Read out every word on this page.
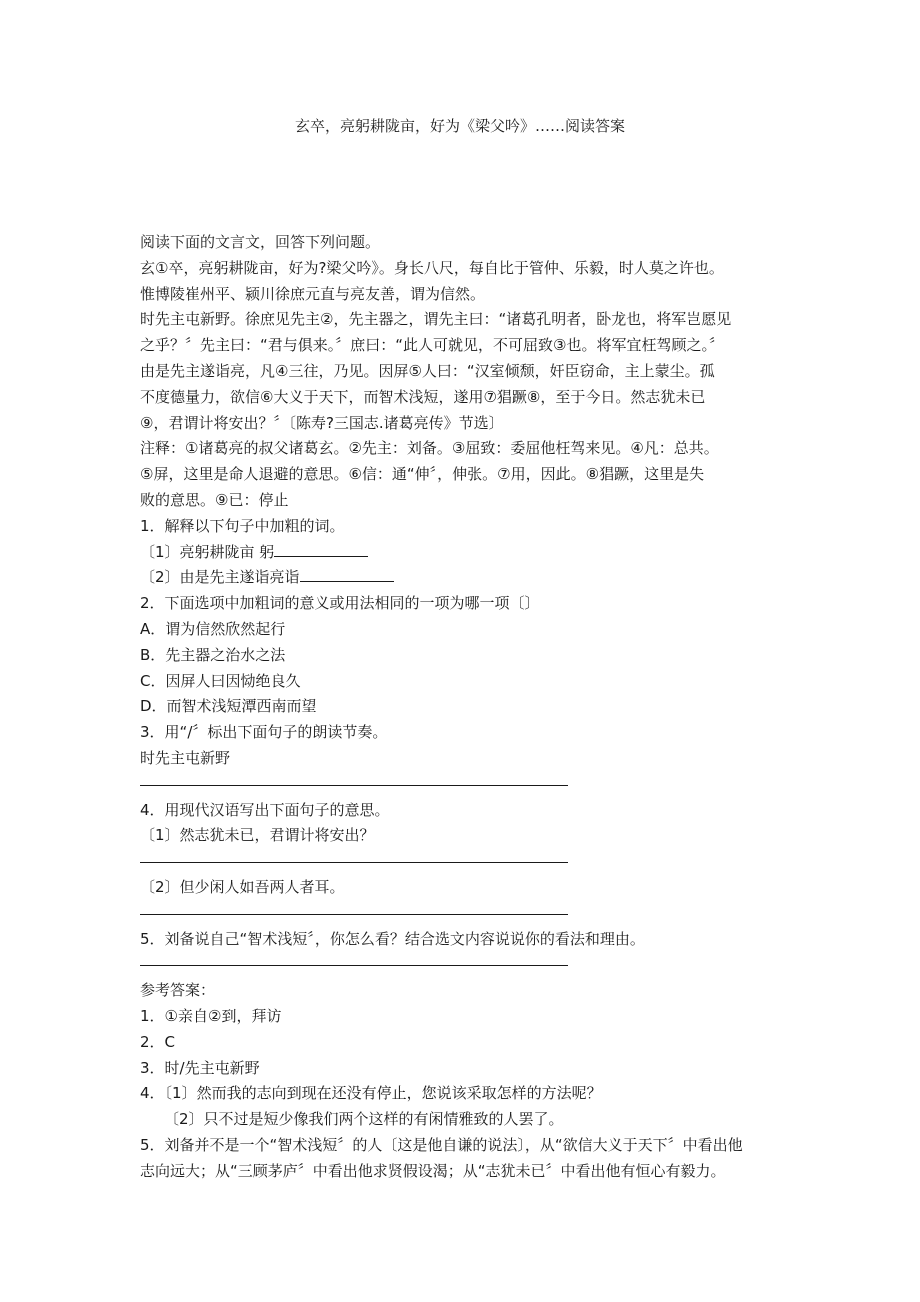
玄卒，亮躬耕陇亩，好为《梁父吟》……阅读答案
阅读下面的文言文，回答下列问题。
玄①卒，亮躬耕陇亩，好为?梁父吟》。身长八尺，每自比于管仲、乐毅，时人莫之许也。
惟博陵崔州平、颍川徐庶元直与亮友善，谓为信然。
时先主屯新野。徐庶见先主②，先主器之，谓先主曰：“诸葛孔明者，卧龙也，将军岂愿见
之乎？〞先主曰：“君与俱来。〞庶曰：“此人可就见，不可屈致③也。将军宜枉驾顾之。〞
由是先主遂诣亮，凡④三往，乃见。因屏⑤人曰：“汉室倾颓，奸臣窃命，主上蒙尘。孤
不度德量力，欲信⑥大义于天下，而智术浅短，遂用⑦猖蹶⑧，至于今日。然志犹未已
⑨，君谓计将安出？〞〔陈寿?三国志.诸葛亮传》节选〕
注释：①诸葛亮的叔父诸葛玄。②先主：刘备。③屈致：委屈他枉驾来见。④凡：总共。
⑤屏，这里是命人退避的意思。⑥信：通“伸〞，伸张。⑦用，因此。⑧猖蹶，这里是失
败的意思。⑨已：停止
1．解释以下句子中加粗的词。
〔1〕亮躬耕陇亩 躬
〔2〕由是先主遂诣亮诣
2．下面选项中加粗词的意义或用法相同的一项为哪一项〔〕
A．谓为信然欣然起行
B．先主器之治水之法
C．因屏人曰因恸绝良久
D．而智术浅短潭西南而望
3．用“/〞标出下面句子的朗读节奏。
时先主屯新野
4．用现代汉语写出下面句子的意思。
〔1〕然志犹未已，君谓计将安出？
〔2〕但少闲人如吾两人者耳。
5．刘备说自己“智术浅短〞，你怎么看？结合选文内容说说你的看法和理由。
参考答案：
1．①亲自②到，拜访
2．C
3．时/先主屯新野
4．〔1〕然而我的志向到现在还没有停止，您说该采取怎样的方法呢？
〔2〕只不过是短少像我们两个这样的有闲情雅致的人罢了。
5．刘备并不是一个“智术浅短〞的人〔这是他自谦的说法〕，从“欲信大义于天下〞中看出他
志向远大；从“三顾茅庐〞中看出他求贤假设渴；从“志犹未已〞中看出他有恒心有毅力。
